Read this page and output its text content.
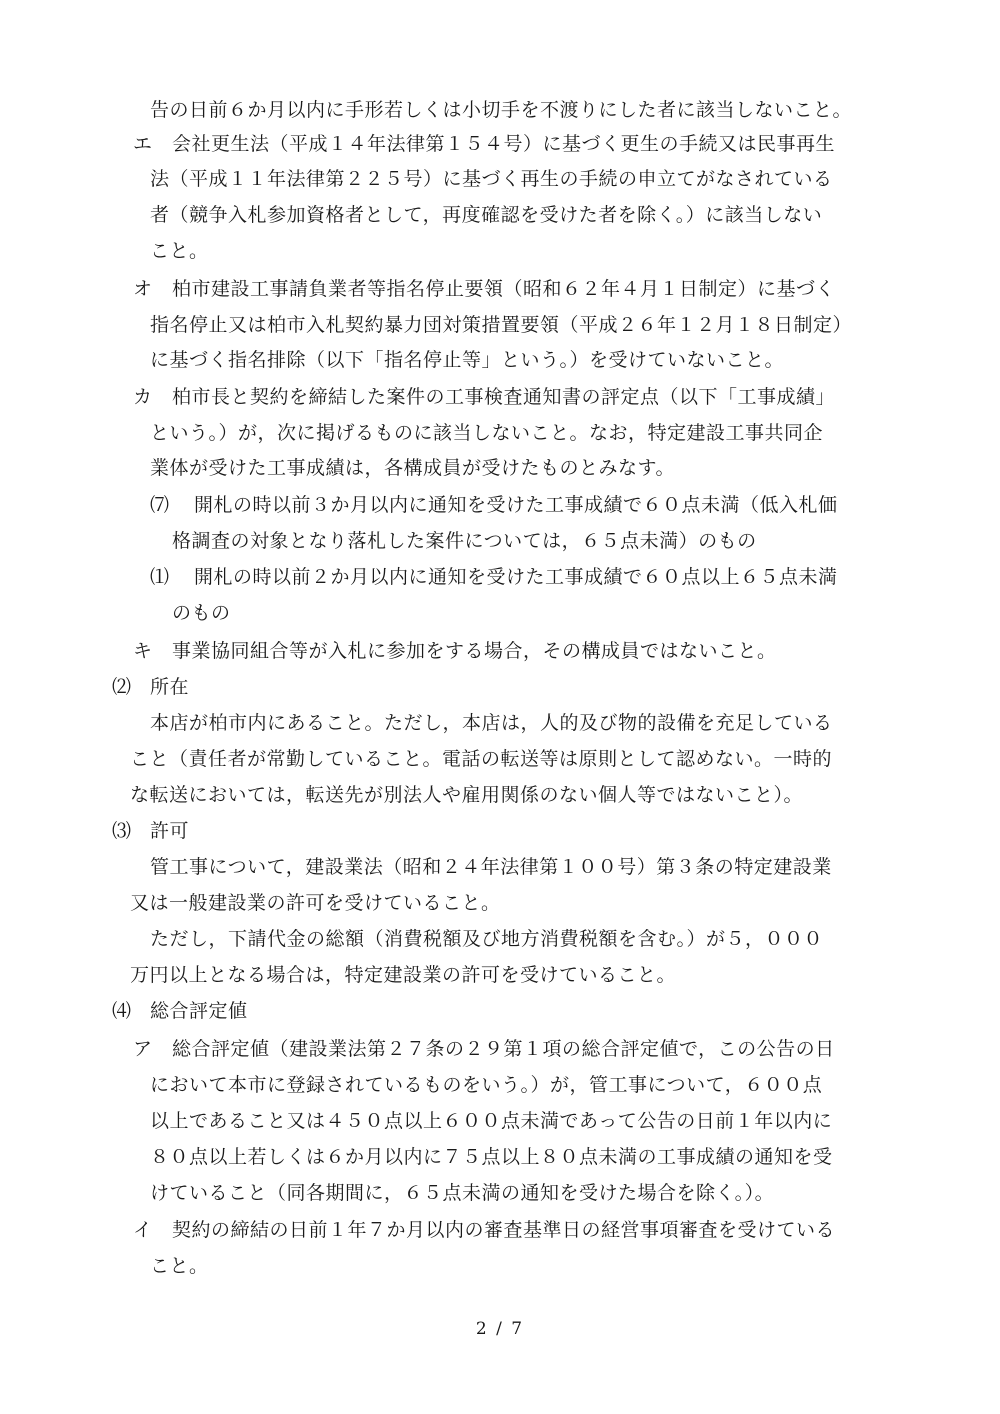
告の日前６か月以内に手形若しくは小切手を不渡りにした者に該当しないこと。
エ 会社更生法（平成１４年法律第１５４号）に基づく更生の手続又は民事再生
法（平成１１年法律第２２５号）に基づく再生の手続の申立てがなされている
者（競争入札参加資格者として，再度確認を受けた者を除く。）に該当しない
こと。
オ 柏市建設工事請負業者等指名停止要領（昭和６２年４月１日制定）に基づく
指名停止又は柏市入札契約暴力団対策措置要領（平成２６年１２月１８日制定）
に基づく指名排除（以下「指名停止等」という。）を受けていないこと。
カ 柏市長と契約を締結した案件の工事検査通知書の評定点（以下「工事成績」
という。）が，次に掲げるものに該当しないこと。なお，特定建設工事共同企
業体が受けた工事成績は，各構成員が受けたものとみなす。
⑺ 開札の時以前３か月以内に通知を受けた工事成績で６０点未満（低入札価
格調査の対象となり落札した案件については，６５点未満）のもの
⑴ 開札の時以前２か月以内に通知を受けた工事成績で６０点以上６５点未満
のもの
キ 事業協同組合等が入札に参加をする場合，その構成員ではないこと。
⑵ 所在
本店が柏市内にあること。ただし，本店は，人的及び物的設備を充足している
こと（責任者が常勤していること。電話の転送等は原則として認めない。一時的
な転送においては，転送先が別法人や雇用関係のない個人等ではないこと）。
⑶ 許可
管工事について，建設業法（昭和２４年法律第１００号）第３条の特定建設業
又は一般建設業の許可を受けていること。
ただし，下請代金の総額（消費税額及び地方消費税額を含む。）が５，０００
万円以上となる場合は，特定建設業の許可を受けていること。
⑷ 総合評定値
ア 総合評定値（建設業法第２７条の２９第１項の総合評定値で，この公告の日
において本市に登録されているものをいう。）が，管工事について，６００点
以上であること又は４５０点以上６００点未満であって公告の日前１年以内に
８０点以上若しくは６か月以内に７５点以上８０点未満の工事成績の通知を受
けていること（同各期間に，６５点未満の通知を受けた場合を除く。）。
イ 契約の締結の日前１年７か月以内の審査基準日の経営事項審査を受けている
こと。
2 / 7
